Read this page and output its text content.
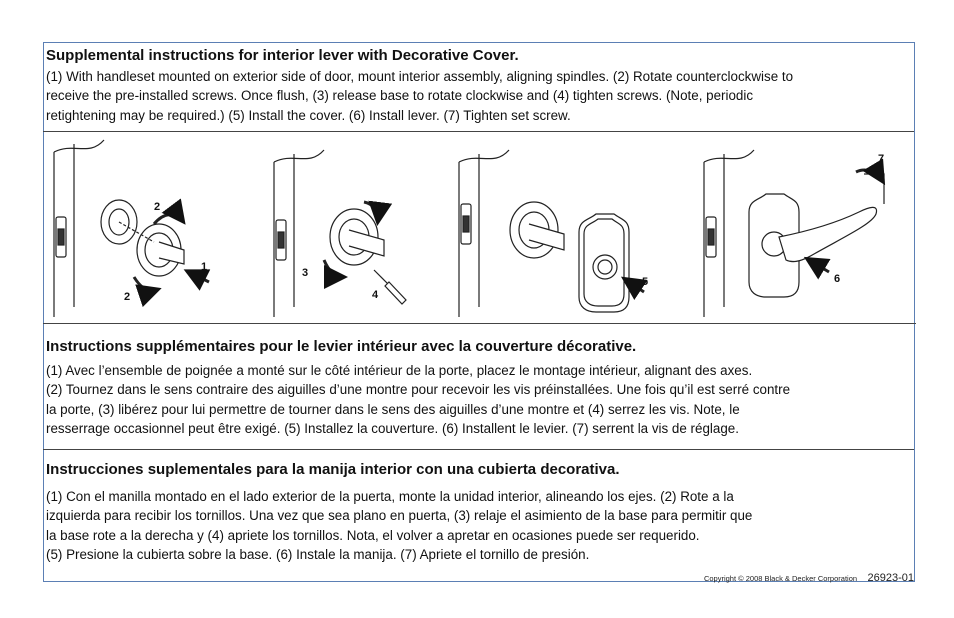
Supplemental instructions for interior lever with Decorative Cover.
(1) With handleset mounted on exterior side of door, mount interior assembly, aligning spindles. (2) Rotate counterclockwise to
receive the pre-installed screws. Once flush, (3) release base to rotate clockwise and (4) tighten screws. (Note, periodic
retightening may be required.) (5) Install the cover. (6) Install lever. (7) Tighten set screw.
1
2
2
3
3
4
5	6
7
Instructions supplémentaires pour le levier intérieur avec la couverture décorative.
(1) Avec l’ensemble de poignée a monté sur le côté intérieur de la porte, placez le montage intérieur, alignant des axes.
(2) Tournez dans le sens contraire des aiguilles d’une montre pour recevoir les vis préinstallées. Une fois qu’il est serré contre
la porte, (3) libérez pour lui permettre de tourner dans le sens des aiguilles d’une montre et (4) serrez les vis. Note, le
resserrage occasionnel peut être exigé. (5) Installez la couverture. (6) Installent le levier. (7) serrent la vis de réglage.
Instrucciones suplementales para la manija interior con una cubierta decorativa.
(1) Con el manilla montado en el lado exterior de la puerta, monte la unidad interior, alineando los ejes. (2) Rote a la
izquierda para recibir los tornillos. Una vez que sea plano en puerta, (3) relaje el asimiento de la base para permitir que
la base rote a la derecha y (4) apriete los tornillos. Nota, el volver a apretar en ocasiones puede ser requerido.
(5) Presione la cubierta sobre la base. (6) Instale la manija. (7) Apriete el tornillo de presión.
Copyright © 2008 Black & Decker Corporation 26923-01
